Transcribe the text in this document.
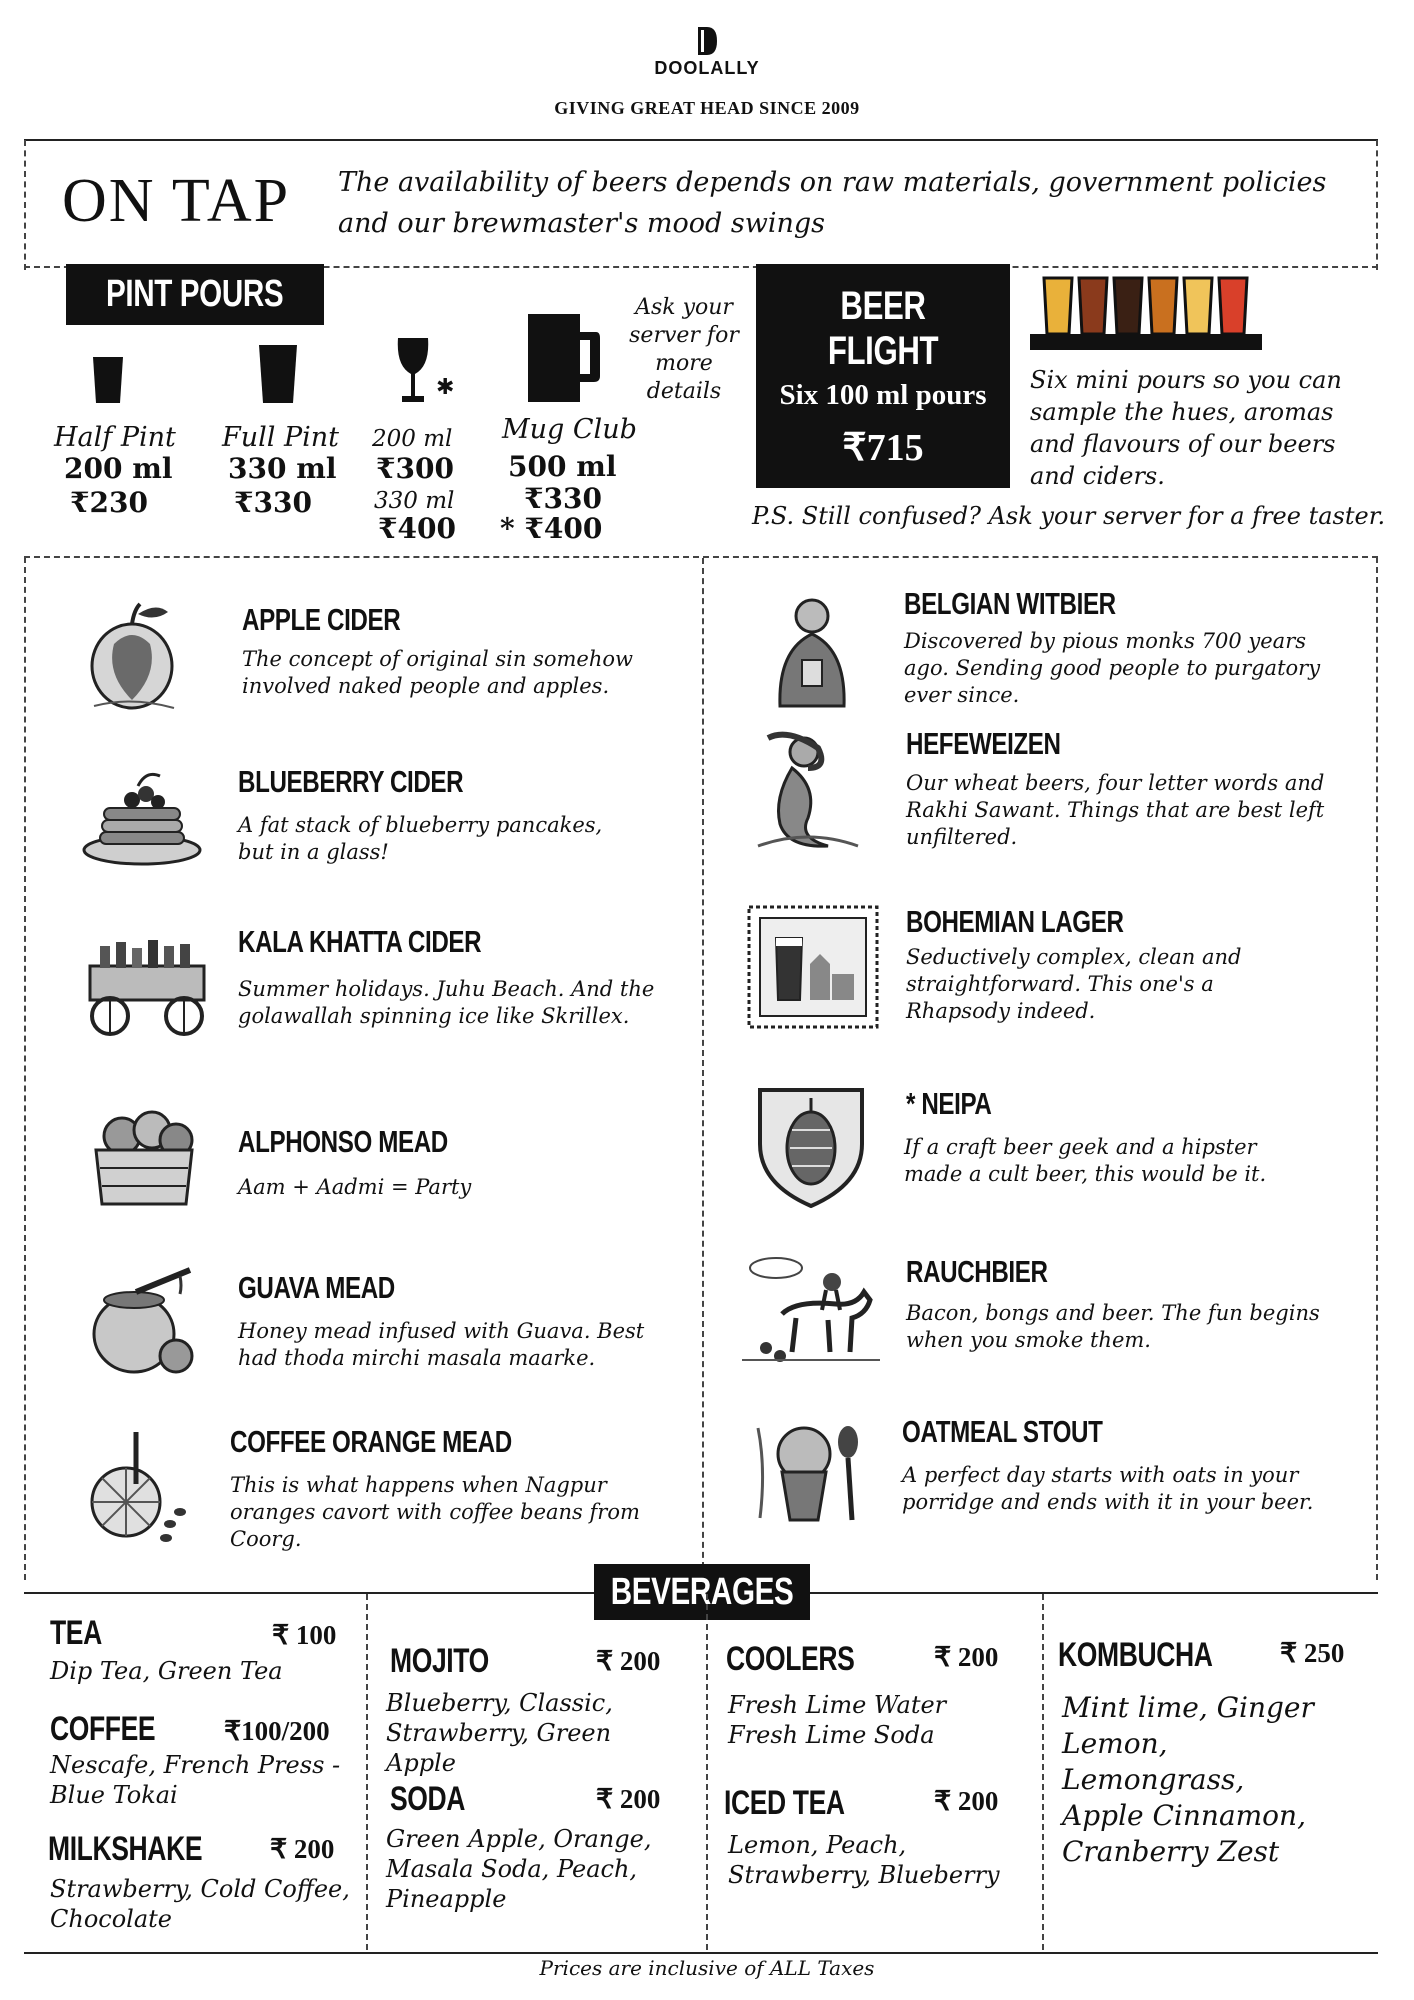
DOOLALLY
GIVING GREAT HEAD SINCE 2009
ON TAP The availability of beers depends on raw materials, government policies and our brewmaster's mood swings
PINT POURS
✱
Half Pint
200 ml
₹230
Full Pint
330 ml
₹330
200 ml
₹300
330 ml
₹400
Mug Club
500 ml
₹330
* ₹400
Ask your server for more details
BEER FLIGHT
Six 100 ml pours
₹715
Six mini pours so you can sample the hues, aromas and flavours of our beers and ciders.
P.S. Still confused? Ask your server for a free taster.
APPLE CIDER
The concept of original sin somehow involved naked people and apples.
BLUEBERRY CIDER
A fat stack of blueberry pancakes, but in a glass!
KALA KHATTA CIDER
Summer holidays. Juhu Beach. And the golawallah spinning ice like Skrillex.
ALPHONSO MEAD
Aam + Aadmi = Party
GUAVA MEAD
Honey mead infused with Guava. Best had thoda mirchi masala maarke.
COFFEE ORANGE MEAD
This is what happens when Nagpur oranges cavort with coffee beans from Coorg.
BELGIAN WITBIER
Discovered by pious monks 700 years ago. Sending good people to purgatory ever since.
HEFEWEIZEN
Our wheat beers, four letter words and Rakhi Sawant. Things that are best left unfiltered.
BOHEMIAN LAGER
Seductively complex, clean and straightforward. This one's a Rhapsody indeed.
* NEIPA
If a craft beer geek and a hipster made a cult beer, this would be it.
RAUCHBIER
Bacon, bongs and beer. The fun begins when you smoke them.
OATMEAL STOUT
A perfect day starts with oats in your porridge and ends with it in your beer.
BEVERAGES
TEA	₹ 100
Dip Tea, Green Tea
COFFEE	₹100/200
Nescafe, French Press - Blue Tokai
MILKSHAKE	₹ 200
Strawberry, Cold Coffee, Chocolate
MOJITO	₹ 200
Blueberry, Classic, Strawberry, Green Apple
SODA	₹ 200
Green Apple, Orange, Masala Soda, Peach, Pineapple
COOLERS	₹ 200
Fresh Lime Water Fresh Lime Soda
ICED TEA	₹ 200
Lemon, Peach, Strawberry, Blueberry
KOMBUCHA	₹ 250
Mint lime, Ginger Lemon, Lemongrass, Apple Cinnamon, Cranberry Zest
Prices are inclusive of ALL Taxes
